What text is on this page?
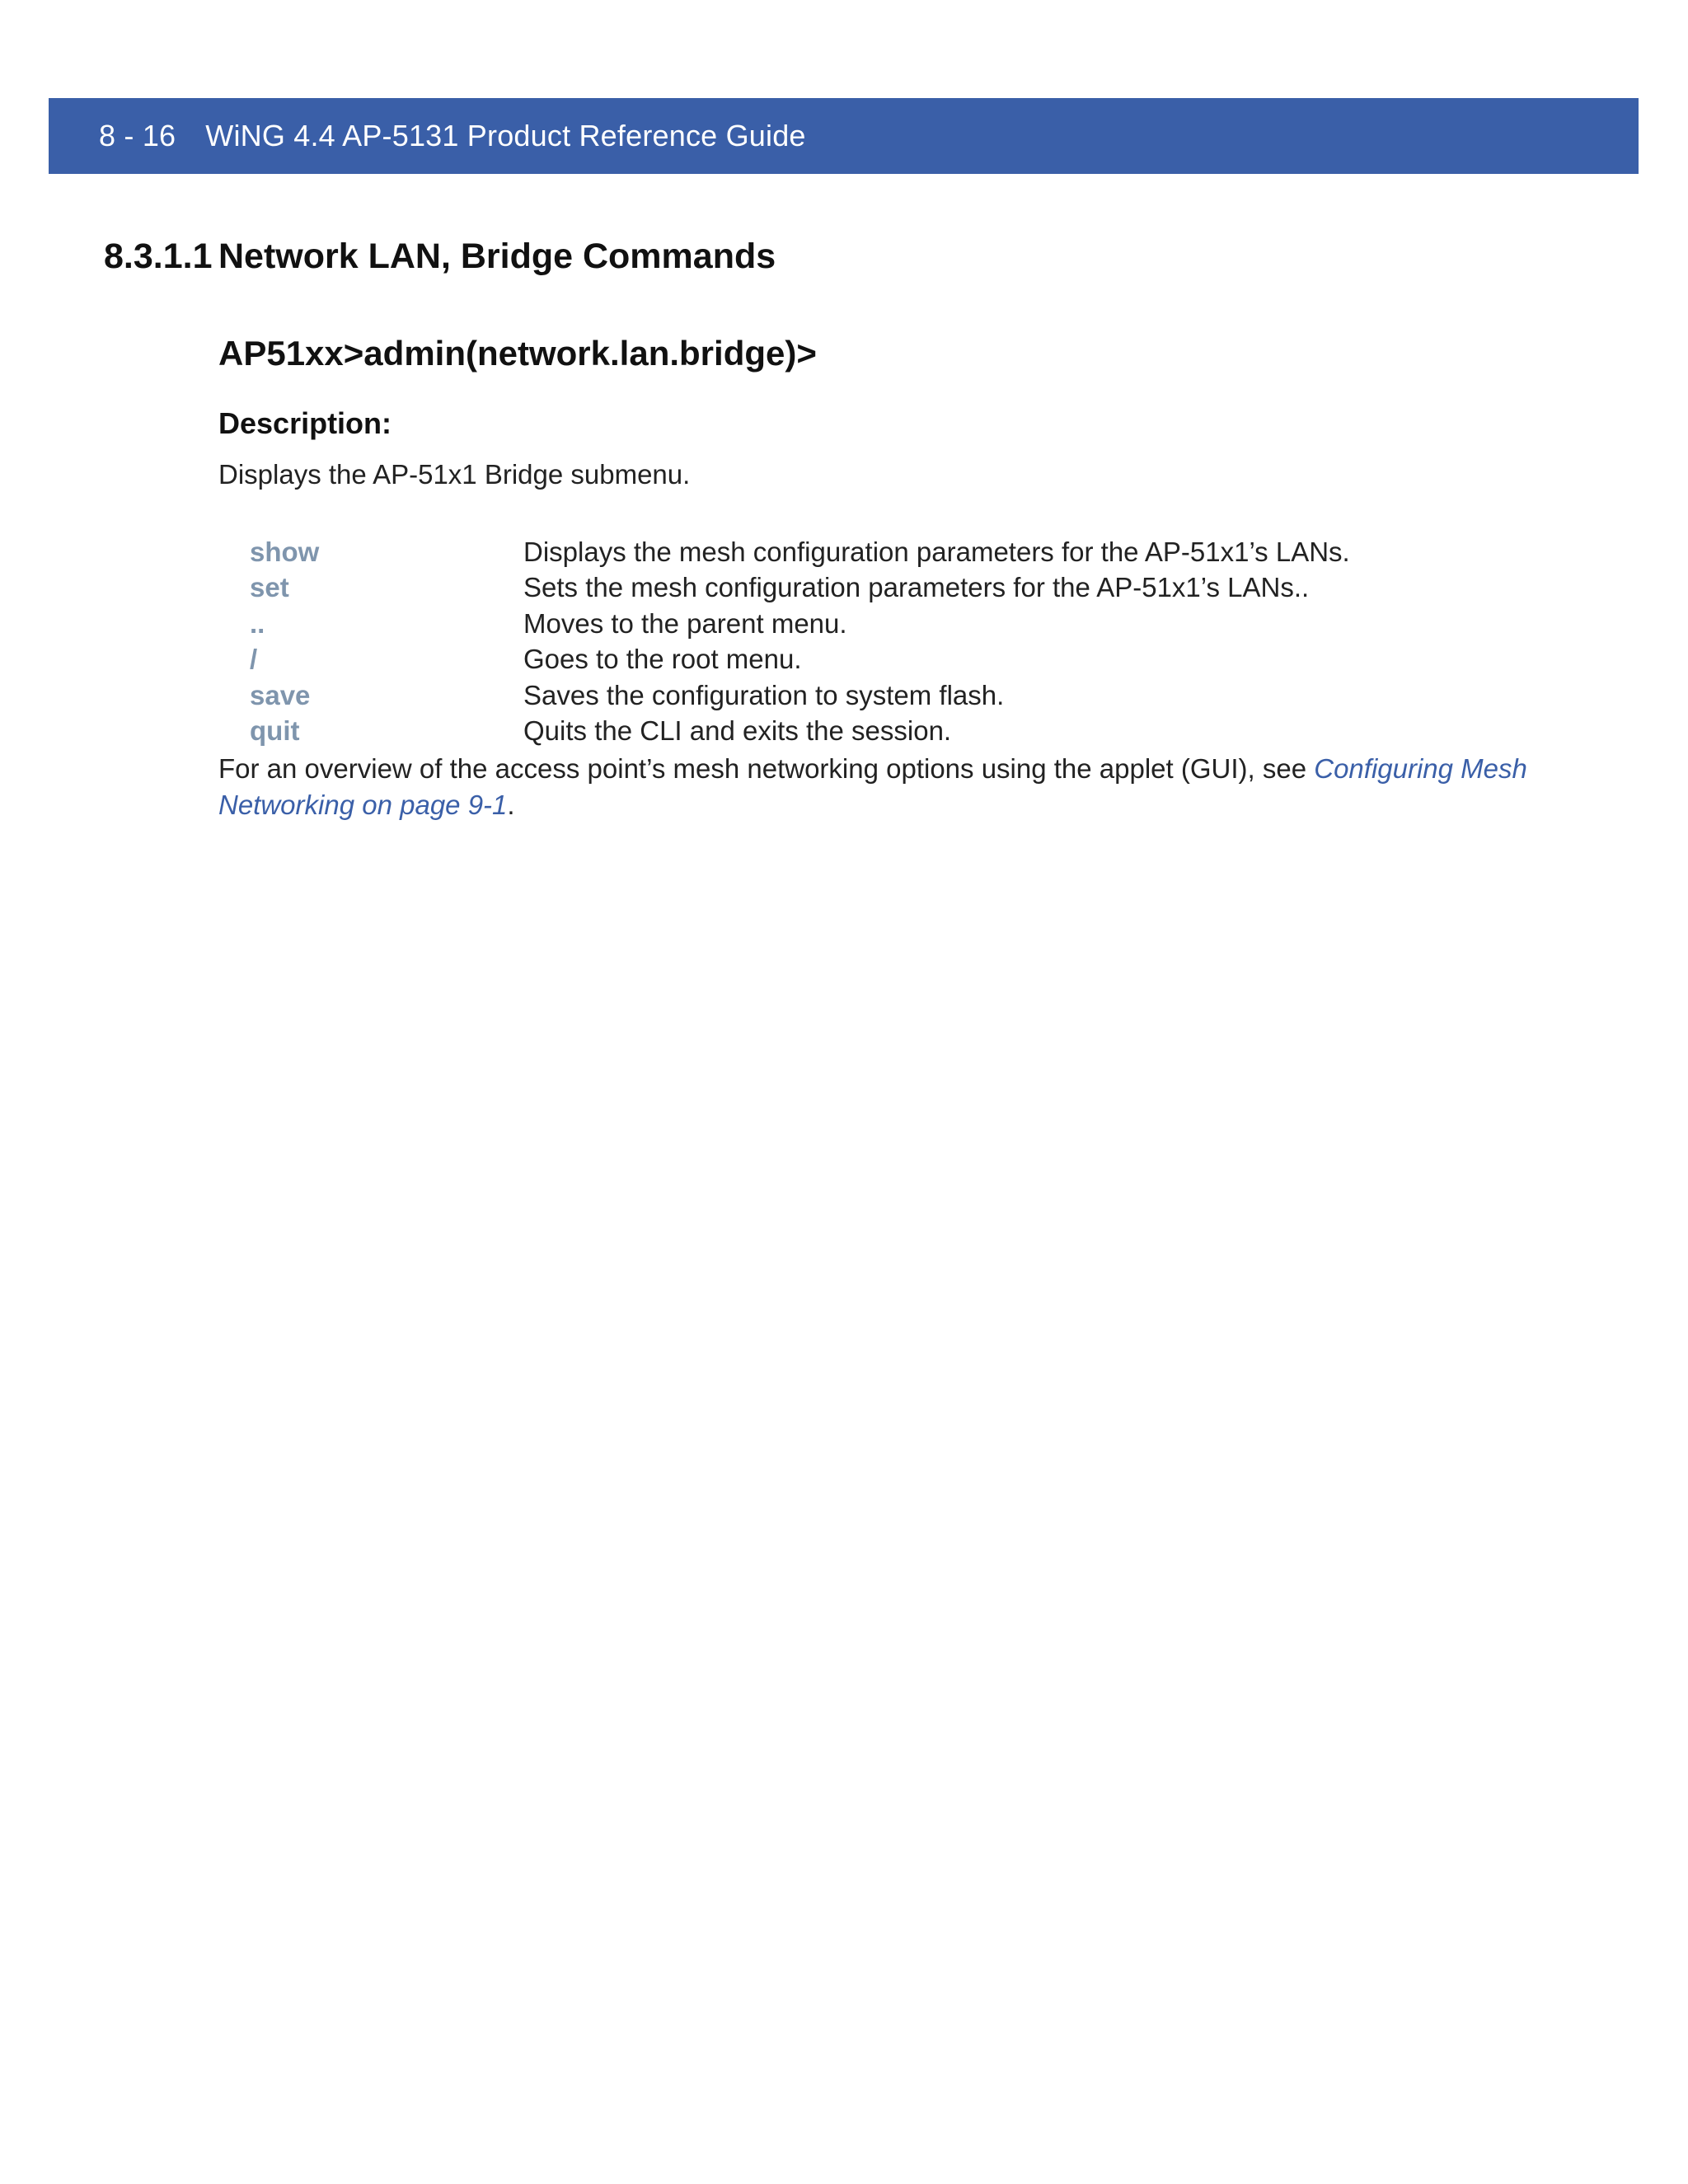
8 - 16 WiNG 4.4 AP-5131 Product Reference Guide
8.3.1.1 Network LAN, Bridge Commands
AP51xx>admin(network.lan.bridge)>
Description:
Displays the AP-51x1 Bridge submenu.
show	Displays the mesh configuration parameters for the AP-51x1’s LANs.
set	Sets the mesh configuration parameters for the AP-51x1’s LANs..
..	Moves to the parent menu.
/	Goes to the root menu.
save	Saves the configuration to system flash.
quit	Quits the CLI and exits the session.
For an overview of the access point’s mesh networking options using the applet (GUI), see Configuring Mesh Networking on page 9-1.
